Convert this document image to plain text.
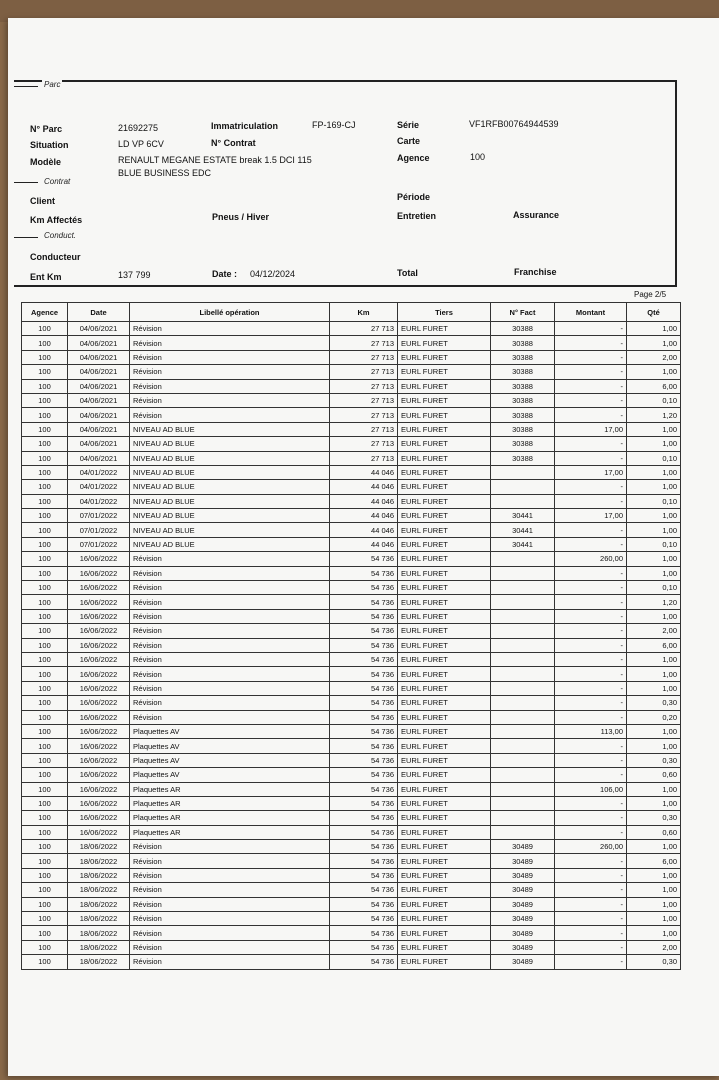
Parc
N° Parc	21692275	Immatriculation	FP-169-CJ	Série	VF1RFB00764944539
Situation	LD VP 6CV	N° Contrat	Carte
Modèle	RENAULT MEGANE ESTATE break 1.5 DCI 115
BLUE BUSINESS EDC
Agence	100
Contrat
Client	Période
Km Affectés	Pneus / Hiver	Entretien	Assurance
Conduct.
Conducteur
Ent Km	137 799	Date : 04/12/2024	Total	Franchise
Page 2/5
Agence	Date	Libellé opération	Km	Tiers	N° Fact	Montant	Qté
100	04/06/2021	Révision	27 713	EURL FURET	30388	-	1,00
100	04/06/2021	Révision	27 713	EURL FURET	30388	-	1,00
100	04/06/2021	Révision	27 713	EURL FURET	30388	-	2,00
100	04/06/2021	Révision	27 713	EURL FURET	30388	-	1,00
100	04/06/2021	Révision	27 713	EURL FURET	30388	-	6,00
100	04/06/2021	Révision	27 713	EURL FURET	30388	-	0,10
100	04/06/2021	Révision	27 713	EURL FURET	30388	-	1,20
100	04/06/2021	NIVEAU AD BLUE	27 713	EURL FURET	30388	17,00	1,00
100	04/06/2021	NIVEAU AD BLUE	27 713	EURL FURET	30388	-	1,00
100	04/06/2021	NIVEAU AD BLUE	27 713	EURL FURET	30388	-	0,10
100	04/01/2022	NIVEAU AD BLUE	44 046	EURL FURET		17,00	1,00
100	04/01/2022	NIVEAU AD BLUE	44 046	EURL FURET		-	1,00
100	04/01/2022	NIVEAU AD BLUE	44 046	EURL FURET		-	0,10
100	07/01/2022	NIVEAU AD BLUE	44 046	EURL FURET	30441	17,00	1,00
100	07/01/2022	NIVEAU AD BLUE	44 046	EURL FURET	30441	-	1,00
100	07/01/2022	NIVEAU AD BLUE	44 046	EURL FURET	30441	-	0,10
100	16/06/2022	Révision	54 736	EURL FURET		260,00	1,00
100	16/06/2022	Révision	54 736	EURL FURET		-	1,00
100	16/06/2022	Révision	54 736	EURL FURET		-	0,10
100	16/06/2022	Révision	54 736	EURL FURET		-	1,20
100	16/06/2022	Révision	54 736	EURL FURET		-	1,00
100	16/06/2022	Révision	54 736	EURL FURET		-	2,00
100	16/06/2022	Révision	54 736	EURL FURET		-	6,00
100	16/06/2022	Révision	54 736	EURL FURET		-	1,00
100	16/06/2022	Révision	54 736	EURL FURET		-	1,00
100	16/06/2022	Révision	54 736	EURL FURET		-	1,00
100	16/06/2022	Révision	54 736	EURL FURET		-	0,30
100	16/06/2022	Révision	54 736	EURL FURET		-	0,20
100	16/06/2022	Plaquettes AV	54 736	EURL FURET		113,00	1,00
100	16/06/2022	Plaquettes AV	54 736	EURL FURET		-	1,00
100	16/06/2022	Plaquettes AV	54 736	EURL FURET		-	0,30
100	16/06/2022	Plaquettes AV	54 736	EURL FURET		-	0,60
100	16/06/2022	Plaquettes AR	54 736	EURL FURET		106,00	1,00
100	16/06/2022	Plaquettes AR	54 736	EURL FURET		-	1,00
100	16/06/2022	Plaquettes AR	54 736	EURL FURET		-	0,30
100	16/06/2022	Plaquettes AR	54 736	EURL FURET		-	0,60
100	18/06/2022	Révision	54 736	EURL FURET	30489	260,00	1,00
100	18/06/2022	Révision	54 736	EURL FURET	30489	-	6,00
100	18/06/2022	Révision	54 736	EURL FURET	30489	-	1,00
100	18/06/2022	Révision	54 736	EURL FURET	30489	-	1,00
100	18/06/2022	Révision	54 736	EURL FURET	30489	-	1,00
100	18/06/2022	Révision	54 736	EURL FURET	30489	-	1,00
100	18/06/2022	Révision	54 736	EURL FURET	30489	-	1,00
100	18/06/2022	Révision	54 736	EURL FURET	30489	-	2,00
100	18/06/2022	Révision	54 736	EURL FURET	30489	-	0,30
